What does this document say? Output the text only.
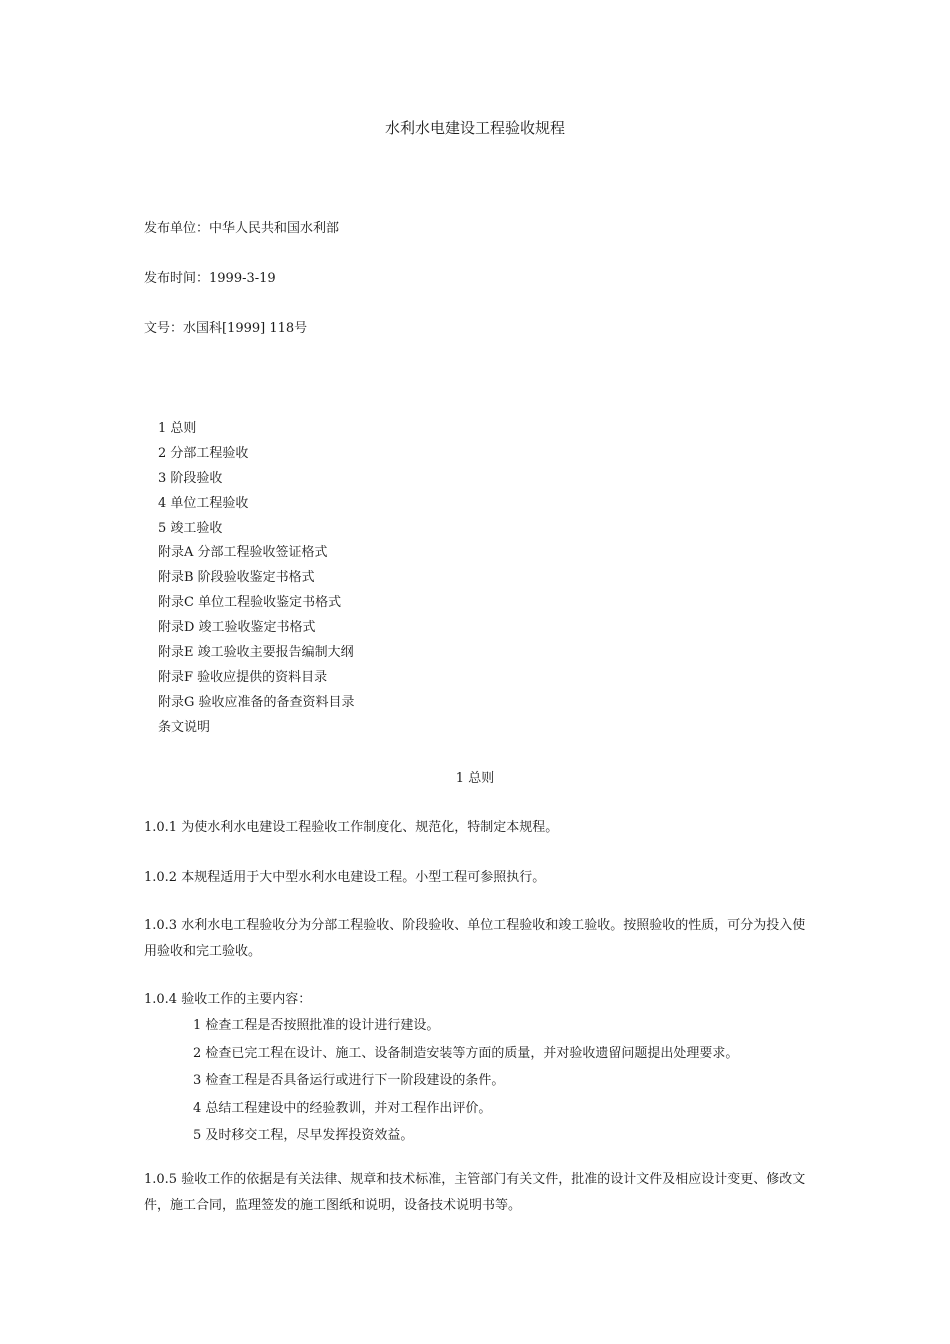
水利水电建设工程验收规程
发布单位：中华人民共和国水利部
发布时间：1999-3-19
文号：水国科[1999] 118号
1 总则
2 分部工程验收
3 阶段验收
4 单位工程验收
5 竣工验收
附录A 分部工程验收签证格式
附录B 阶段验收鉴定书格式
附录C 单位工程验收鉴定书格式
附录D 竣工验收鉴定书格式
附录E 竣工验收主要报告编制大纲
附录F 验收应提供的资料目录
附录G 验收应准备的备查资料目录
条文说明
1 总则
1.0.1 为使水利水电建设工程验收工作制度化、规范化，特制定本规程。
1.0.2 本规程适用于大中型水利水电建设工程。小型工程可参照执行。
1.0.3 水利水电工程验收分为分部工程验收、阶段验收、单位工程验收和竣工验收。按照验收的性质，可分为投入使用验收和完工验收。
1.0.4 验收工作的主要内容：
1 检查工程是否按照批准的设计进行建设。
2 检查已完工程在设计、施工、设备制造安装等方面的质量，并对验收遗留问题提出处理要求。
3 检查工程是否具备运行或进行下一阶段建设的条件。
4 总结工程建设中的经验教训，并对工程作出评价。
5 及时移交工程，尽早发挥投资效益。
1.0.5 验收工作的依据是有关法律、规章和技术标准，主管部门有关文件，批准的设计文件及相应设计变更、修改文件，施工合同，监理签发的施工图纸和说明，设备技术说明书等。
